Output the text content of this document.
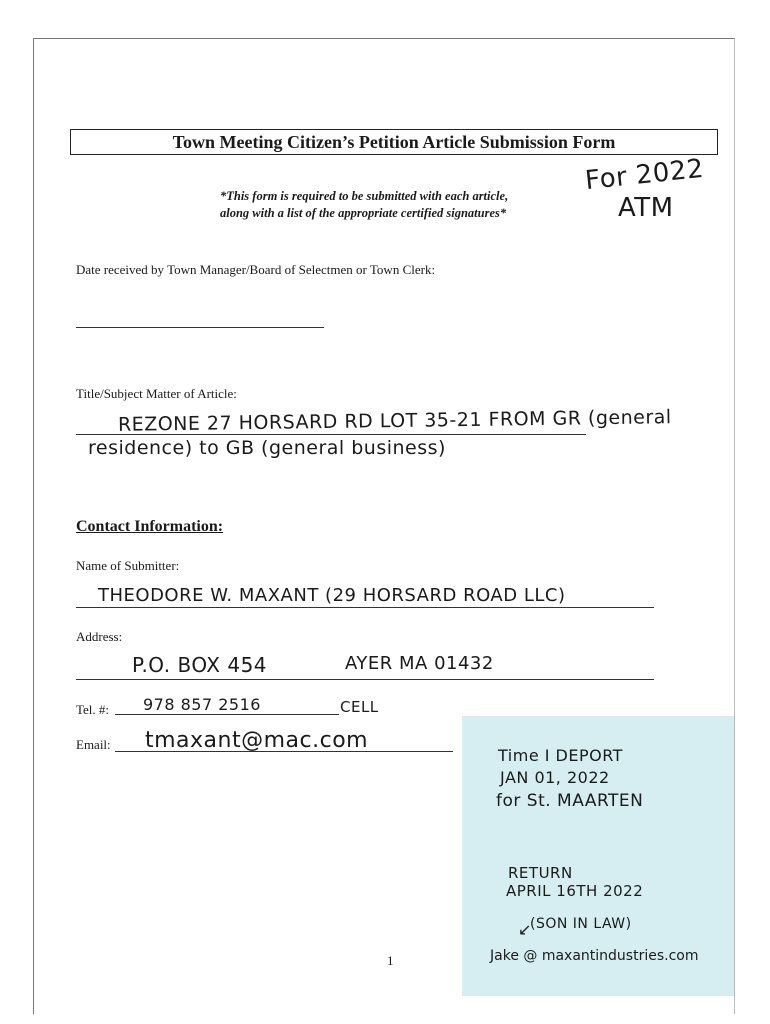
Town Meeting Citizen’s Petition Article Submission Form
*This form is required to be submitted with each article,
along with a list of the appropriate certified signatures*
For 2022
ATM
Date received by Town Manager/Board of Selectmen or Town Clerk:
Title/Subject Matter of Article:
REZONE 27 HORSARD RD LOT 35-21 FROM GR (general
residence) to GB (general business)
Contact Information:
Name of Submitter:
THEODORE W. MAXANT (29 HORSARD ROAD LLC)
Address:
P.O. BOX 454	AYER MA 01432
Tel. #: 978 857 2516	CELL
Email: tmaxant@mac.com
Time I DEPORT
JAN 01, 2022
for St. MAARTEN
RETURN
APRIL 16TH 2022
↙
(SON IN LAW)
Jake @ maxantindustries.com
1
